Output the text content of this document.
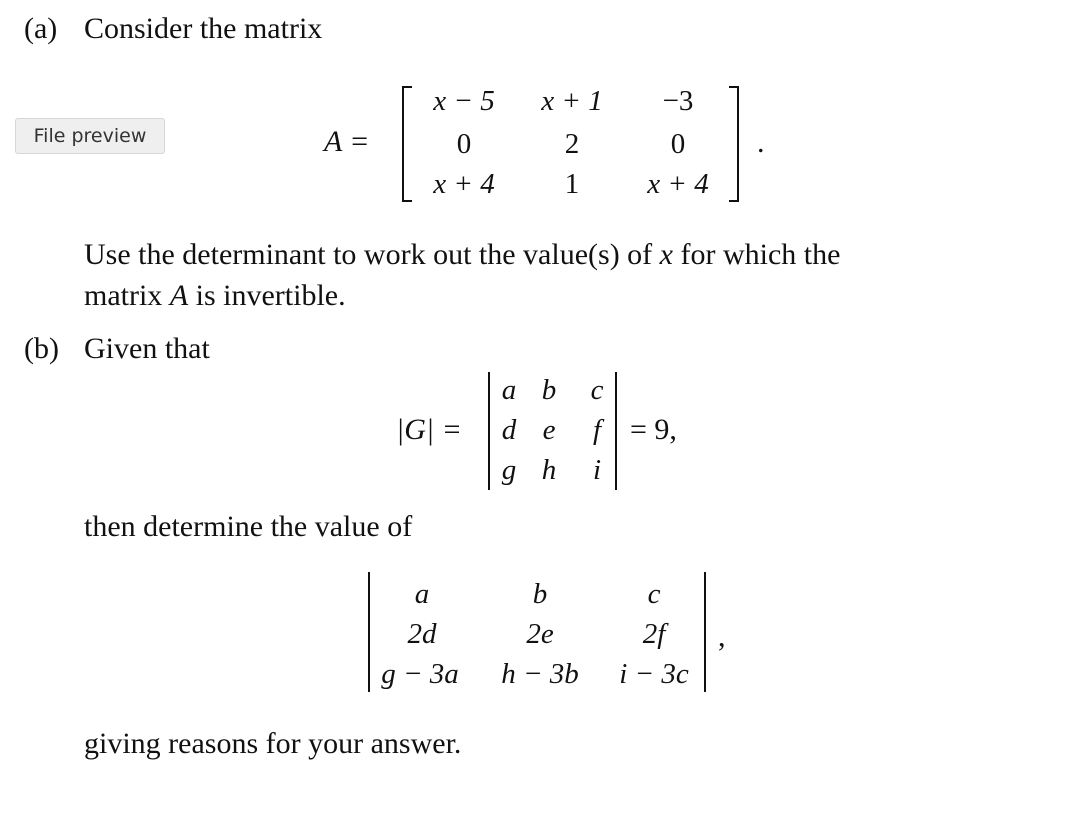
(a) Consider the matrix
File preview	A =
x − 5	x + 1	−3
0	2	0
x + 4	1	x + 4
.
Use the determinant to work out the value(s) of x for which the
matrix A is invertible.
(b) Given that
|G| =
a b c
d e	f
g h	i
= 9,
then determine the value of
a	b	c
2d	2e	2f
g − 3a	h − 3b	i − 3c
,
giving reasons for your answer.
